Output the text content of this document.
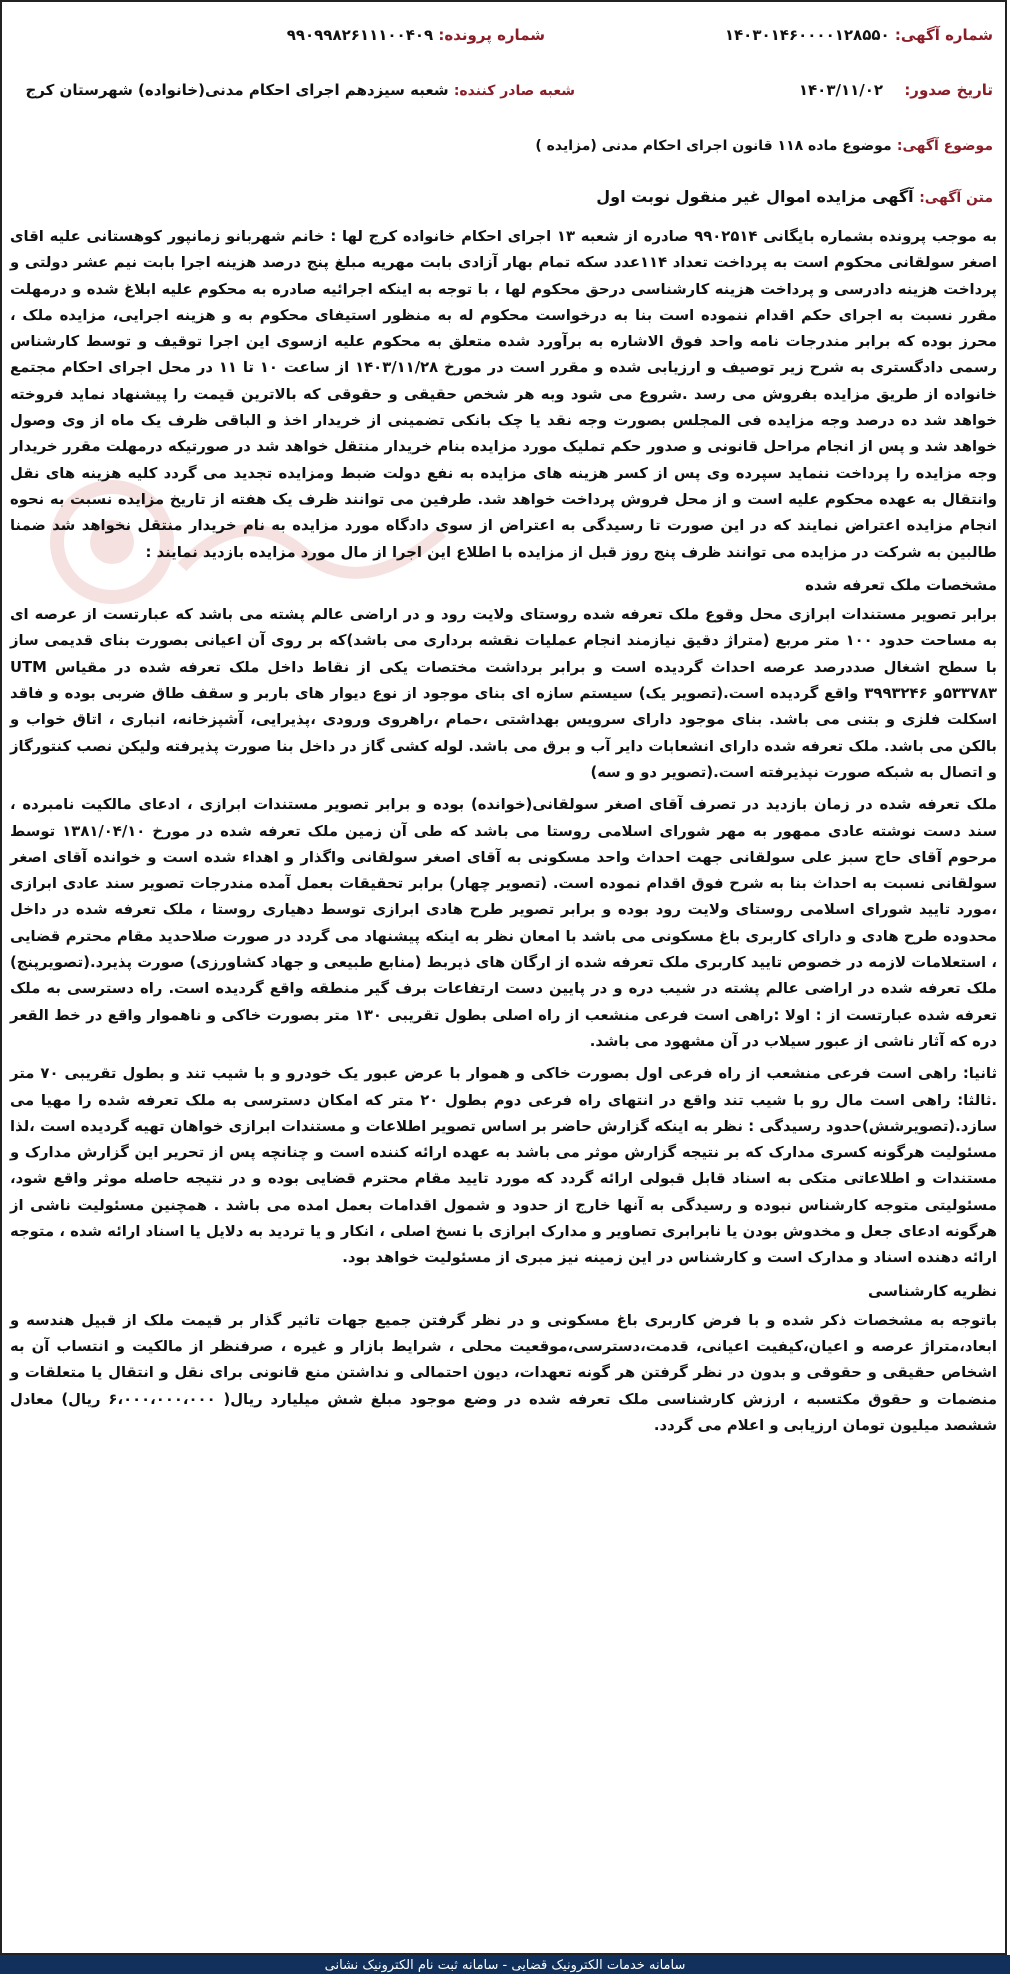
شماره آگهی: ۱۴۰۳۰۱۴۶۰۰۰۰۱۲۸۵۵۰
شماره پرونده: ۹۹۰۹۹۸۲۶۱۱۱۰۰۴۰۹
تاریخ صدور: ۱۴۰۳/۱۱/۰۲
شعبه صادر کننده: شعبه سیزدهم اجرای احکام مدنی(خانواده) شهرستان کرج
موضوع آگهی: موضوع ماده ۱۱۸ قانون اجرای احکام مدنی (مزایده )
متن آگهی: آگهی مزایده اموال غیر منقول نوبت اول

به موجب پرونده بشماره بایگانی ۹۹۰۲۵۱۴ صادره از شعبه ۱۳ اجرای احکام خانواده کرج لها : خانم شهربانو زمانپور کوهستانی علیه اقای اصغر سولقانی محکوم است به پرداخت تعداد ۱۱۴عدد سکه تمام بهار آزادی بابت مهریه مبلغ پنج درصد هزینه اجرا بابت نیم عشر دولتی و پرداخت هزینه دادرسی و پرداخت هزینه کارشناسی درحق محکوم لها ، با توجه به اینکه اجرائیه صادره به محکوم علیه ابلاغ شده و درمهلت مقرر نسبت به اجرای حکم اقدام ننموده است بنا به درخواست محکوم له به منظور استیفای محکوم به و هزینه اجرایی، مزایده ملک ، محرز بوده که برابر مندرجات نامه واحد فوق الاشاره به برآورد شده متعلق به محکوم علیه ازسوی این اجرا توقیف و توسط کارشناس رسمی دادگستری به شرح زیر توصیف و ارزیابی شده و مقرر است در مورخ ۱۴۰۳/۱۱/۲۸ از ساعت ۱۰ تا ۱۱ در محل اجرای احکام مجتمع خانواده از طریق مزایده بفروش می رسد .شروع می شود وبه هر شخص حقیقی و حقوقی که بالاترین قیمت را پیشنهاد نماید فروخته خواهد شد ده درصد وجه مزایده فی المجلس بصورت وجه نقد یا چک بانکی تضمینی از خریدار اخذ و الباقی ظرف یک ماه از وی وصول خواهد شد و پس از انجام مراحل قانونی و صدور حکم تملیک مورد مزایده بنام خریدار منتقل خواهد شد در صورتیکه درمهلت مقرر خریدار وجه مزایده را پرداخت ننماید سپرده وی پس از کسر هزینه های مزایده به نفع دولت ضبط ومزایده تجدید می گردد کلیه هزینه های نقل وانتقال به عهده محکوم علیه است و از محل فروش پرداخت خواهد شد. طرفین می توانند ظرف یک هفته از تاریخ مزایده نسبت به نحوه انجام مزایده اعتراض نمایند که در این صورت تا رسیدگی به اعتراض از سوی دادگاه مورد مزایده به نام خریدار منتقل نخواهد شد ضمنا طالبین به شرکت در مزایده می توانند ظرف پنج روز قبل از مزایده با اطلاع این اجرا از مال مورد مزایده بازدید نمایند :

مشخصات ملک تعرفه شده

برابر تصویر مستندات ابرازی محل وقوع ملک تعرفه شده روستای ولایت رود و در اراضی عالم پشته می باشد که عبارتست از عرصه ای به مساحت حدود ۱۰۰ متر مربع (متراژ دقیق نیازمند انجام عملیات نقشه برداری می باشد)که بر روی آن اعیانی بصورت بنای قدیمی ساز با سطح اشغال صددرصد عرصه احداث گردیده است و برابر برداشت مختصات یکی از نقاط داخل ملک تعرفه شده در مقیاس UTM ۵۳۳۷۸۳و ۳۹۹۳۲۴۶ واقع گردیده است.(تصویر یک) سیستم سازه ای بنای موجود از نوع دیوار های باربر و سقف طاق ضربی بوده و فاقد اسکلت فلزی و بتنی می باشد. بنای موجود دارای سرویس بهداشتی ،حمام ،راهروی ورودی ،پذیرایی، آشپزخانه، انباری ، اتاق خواب و بالکن می باشد. ملک تعرفه شده دارای انشعابات دایر آب و برق می باشد. لوله کشی گاز در داخل بنا صورت پذیرفته ولیکن نصب کنتورگاز و اتصال به شبکه صورت نپذیرفته است.(تصویر دو و سه)

ملک تعرفه شده در زمان بازدید در تصرف آقای اصغر سولقانی(خوانده) بوده و برابر تصویر مستندات ابرازی ، ادعای مالکیت نامبرده ، سند دست نوشته عادی ممهور به مهر شورای اسلامی روستا می باشد که طی آن زمین ملک تعرفه شده در مورخ ۱۳۸۱/۰۴/۱۰ توسط مرحوم آقای حاج سبز علی سولقانی جهت احداث واحد مسکونی به آقای اصغر سولقانی واگذار و اهداء شده است و خوانده آقای اصغر سولقانی نسبت به احداث بنا به شرح فوق اقدام نموده است. (تصویر چهار) برابر تحقیقات بعمل آمده مندرجات تصویر سند عادی ابرازی ،مورد تایید شورای اسلامی روستای ولایت رود بوده و برابر تصویر طرح هادی ابرازی توسط دهیاری روستا ، ملک تعرفه شده در داخل محدوده طرح هادی و دارای کاربری باغ مسکونی می باشد با امعان نظر به اینکه پیشنهاد می گردد در صورت صلاحدید مقام محترم قضایی ، استعلامات لازمه در خصوص تایید کاربری ملک تعرفه شده از ارگان های ذیربط (منابع طبیعی و جهاد کشاورزی) صورت پذیرد.(تصویرپنج) ملک تعرفه شده در اراضی عالم پشته در شیب دره و در پایین دست ارتفاعات برف گیر منطقه واقع گردیده است. راه دسترسی به ملک تعرفه شده عبارتست از : اولا :راهی است فرعی منشعب از راه اصلی بطول تقریبی ۱۳۰ متر بصورت خاکی و ناهموار واقع در خط القعر دره که آثار ناشی از عبور سیلاب در آن مشهود می باشد.

ثانیا: راهی است فرعی منشعب از راه فرعی اول بصورت خاکی و هموار با عرض عبور یک خودرو و با شیب تند و بطول تقریبی ۷۰ متر .ثالثا: راهی است مال رو با شیب تند واقع در انتهای راه فرعی دوم بطول ۲۰ متر که امکان دسترسی به ملک تعرفه شده را مهیا می سازد.(تصویرشش)حدود رسیدگی : نظر به اینکه گزارش حاضر بر اساس تصویر اطلاعات و مستندات ابرازی خواهان تهیه گردیده است ،لذا مسئولیت هرگونه کسری مدارک که بر نتیجه گزارش موثر می باشد به عهده ارائه کننده است و چنانچه پس از تحریر این گزارش مدارک و مستندات و اطلاعاتی متکی به اسناد قابل قبولی ارائه گردد که مورد تایید مقام محترم قضایی بوده و در نتیجه حاصله موثر واقع شود، مسئولیتی متوجه کارشناس نبوده و رسیدگی به آنها خارج از حدود و شمول اقدامات بعمل امده می باشد . همچنین مسئولیت ناشی از هرگونه ادعای جعل و مخدوش بودن یا نابرابری تصاویر و مدارک ابرازی با نسخ اصلی ، انکار و یا تردید به دلایل یا اسناد ارائه شده ، متوجه ارائه دهنده اسناد و مدارک است و کارشناس در این زمینه نیز مبری از مسئولیت خواهد بود.

نظریه کارشناسی

باتوجه به مشخصات ذکر شده و با فرض کاربری باغ مسکونی و در نظر گرفتن جمیع جهات تاثیر گذار بر قیمت ملک از قبیل هندسه و ابعاد،متراژ عرصه و اعیان،کیفیت اعیانی، قدمت،دسترسی،موقعیت محلی ، شرایط بازار و غیره ، صرفنظر از مالکیت و انتساب آن به اشخاص حقیقی و حقوقی و بدون در نظر گرفتن هر گونه تعهدات، دیون احتمالی و نداشتن منع قانونی برای نقل و انتقال یا متعلقات و منضمات و حقوق مکتسبه ، ارزش کارشناسی ملک تعرفه شده در وضع موجود مبلغ شش میلیارد ریال( ۶،۰۰۰،۰۰۰،۰۰۰ ریال) معادل ششصد میلیون تومان ارزیابی و اعلام می گردد.

سامانه خدمات الکترونیک قضایی - سامانه ثبت نام الکترونیک نشانی
